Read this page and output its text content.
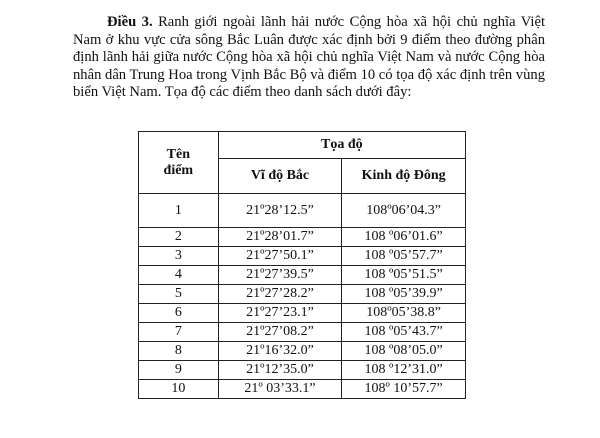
Điều 3. Ranh giới ngoài lãnh hải nước Cộng hòa xã hội chủ nghĩa Việt Nam ở khu vực cửa sông Bắc Luân được xác định bởi 9 điểm theo đường phân định lãnh hải giữa nước Cộng hòa xã hội chủ nghĩa Việt Nam và nước Cộng hòa nhân dân Trung Hoa trong Vịnh Bắc Bộ và điểm 10 có tọa độ xác định trên vùng biển Việt Nam. Tọa độ các điểm theo danh sách dưới đây:

Tên
điểm	Tọa độ	
	Vĩ độ Bắc	Kinh độ Đông
1	21º28’12.5”	108º06’04.3”
2	21º28’01.7”	108 º06’01.6”
3	21º27’50.1”	108 º05’57.7”
4	21º27’39.5”	108 º05’51.5”
5	21º27’28.2”	108 º05’39.9”
6	21º27’23.1”	108º05’38.8”
7	21º27’08.2”	108 º05’43.7”
8	21º16’32.0”	108 º08’05.0”
9	21º12’35.0”	108 º12’31.0”
10	21º 03’33.1”	108º 10’57.7”
